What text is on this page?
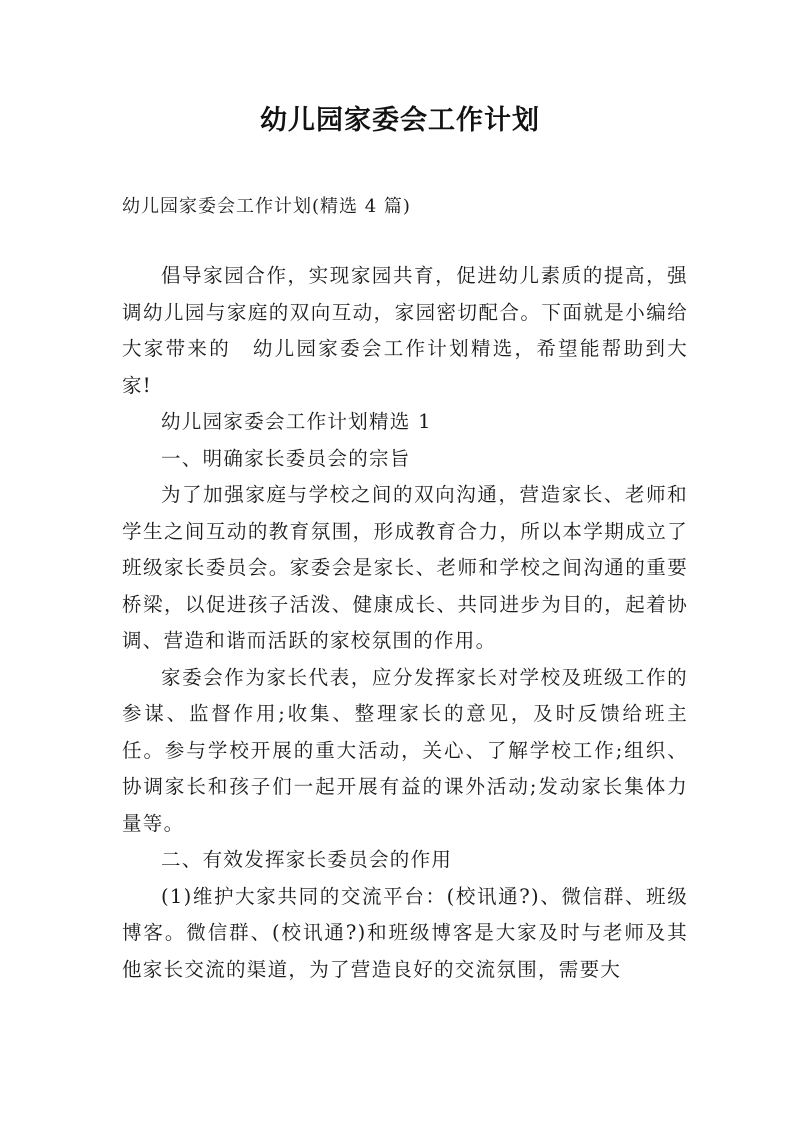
幼儿园家委会工作计划
幼儿园家委会工作计划(精选 4 篇)

倡导家园合作，实现家园共育，促进幼儿素质的提高，强调幼儿园与家庭的双向互动，家园密切配合。下面就是小编给大家带来的　幼儿园家委会工作计划精选，希望能帮助到大家!

幼儿园家委会工作计划精选 1

一、明确家长委员会的宗旨

为了加强家庭与学校之间的双向沟通，营造家长、老师和学生之间互动的教育氛围，形成教育合力，所以本学期成立了班级家长委员会。家委会是家长、老师和学校之间沟通的重要桥梁，以促进孩子活泼、健康成长、共同进步为目的，起着协调、营造和谐而活跃的家校氛围的作用。

家委会作为家长代表，应分发挥家长对学校及班级工作的参谋、监督作用;收集、整理家长的意见，及时反馈给班主任。参与学校开展的重大活动，关心、了解学校工作;组织、协调家长和孩子们一起开展有益的课外活动;发动家长集体力量等。

二、有效发挥家长委员会的作用

(1)维护大家共同的交流平台：(校讯通?)、微信群、班级博客。微信群、(校讯通?)和班级博客是大家及时与老师及其他家长交流的渠道，为了营造良好的交流氛围，需要大
